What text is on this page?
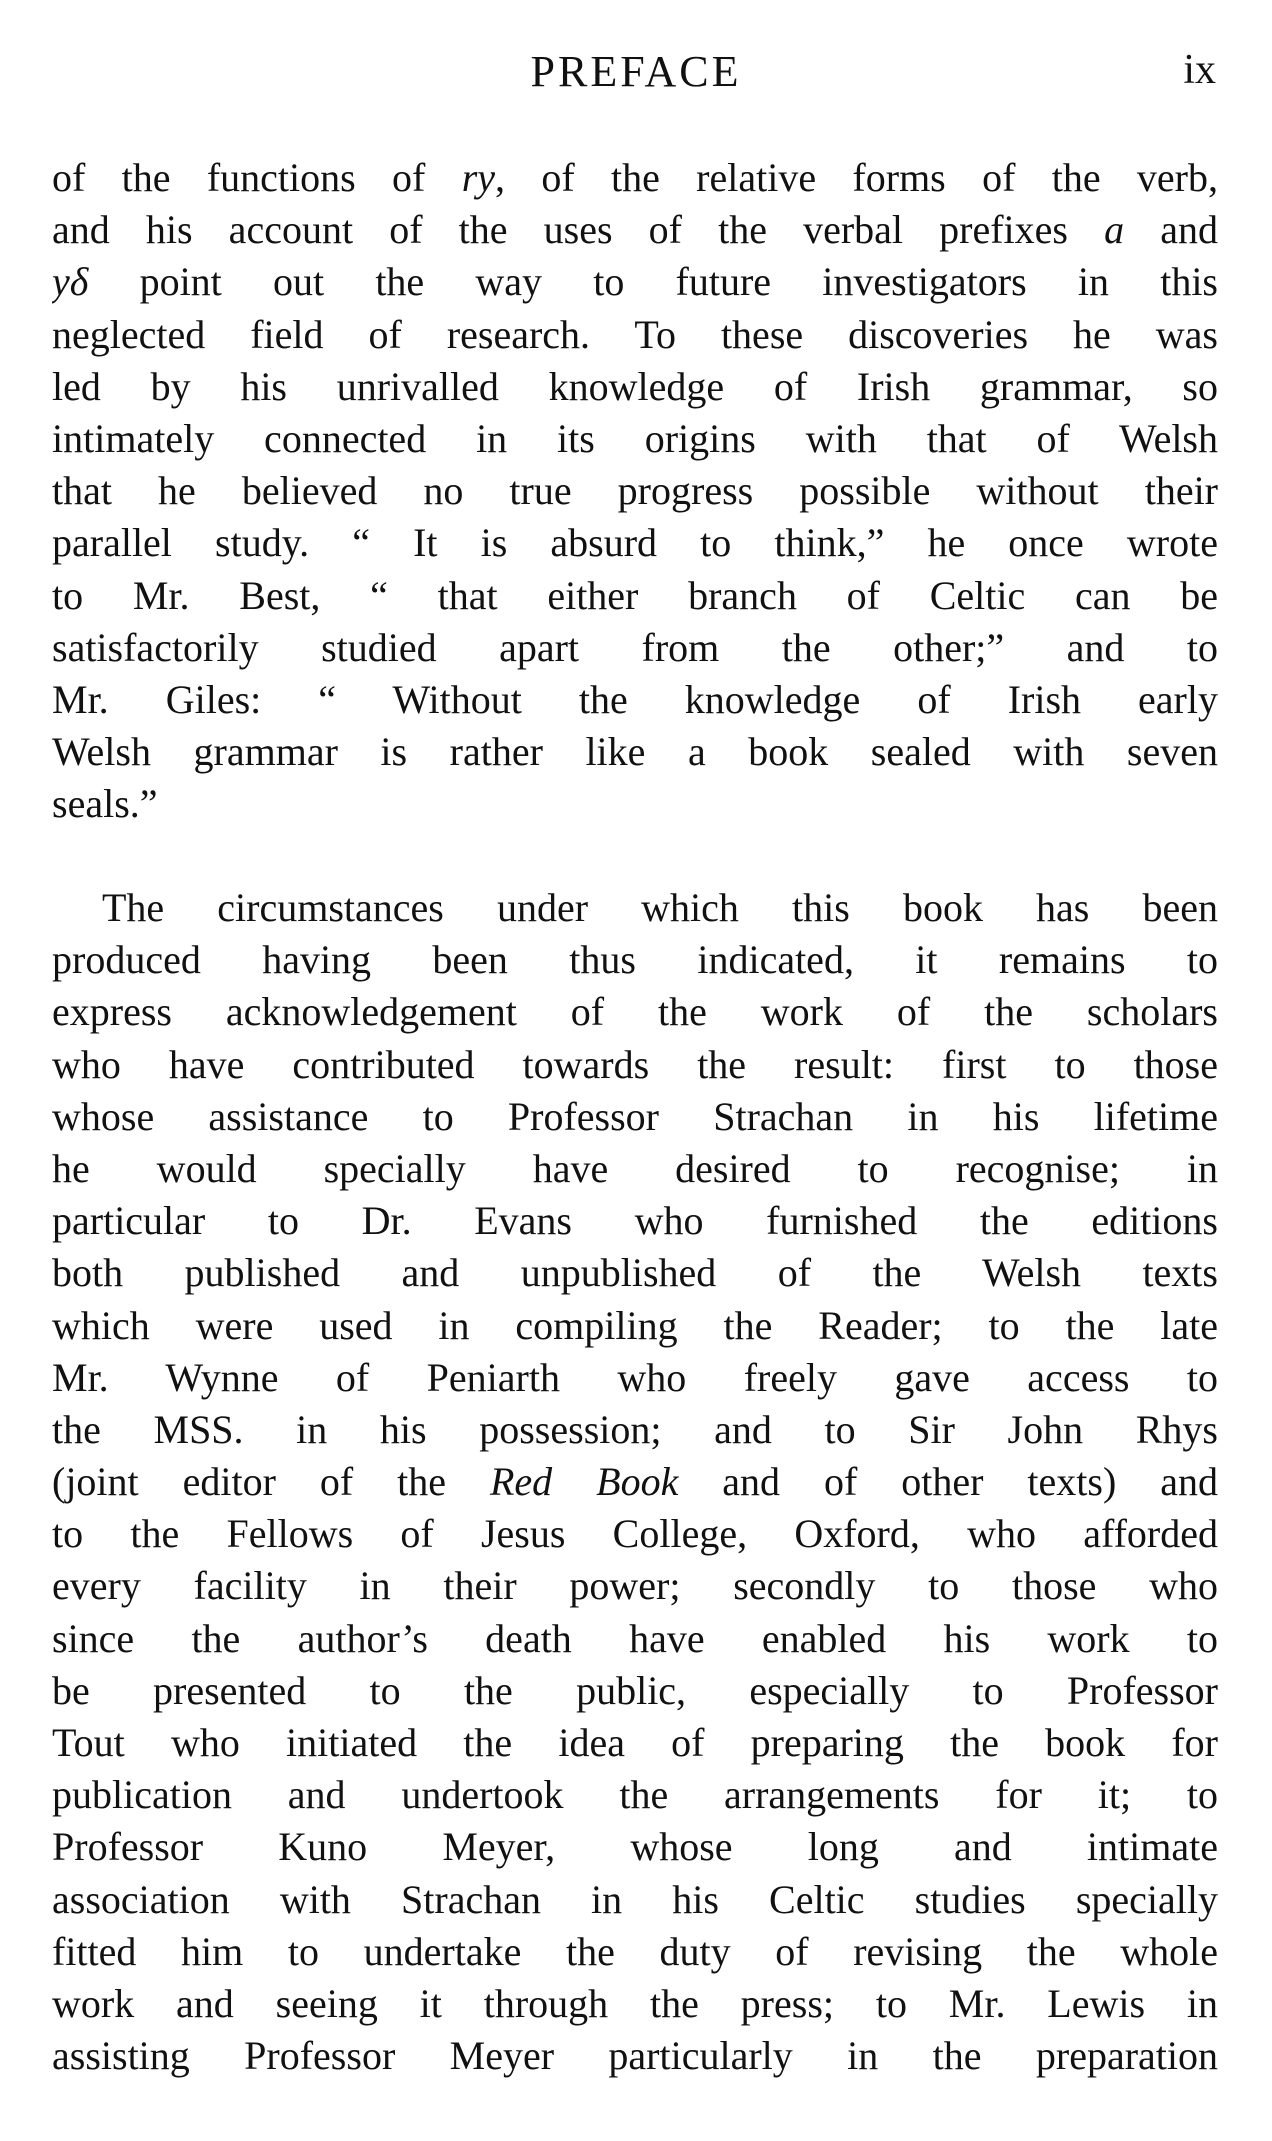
PREFACE	ix
of the functions of ry, of the relative forms of the verb,
and his account of the uses of the verbal prefixes a and
yδ point out the way to future investigators in this
neglected field of research. To these discoveries he was
led by his unrivalled knowledge of Irish grammar, so
intimately connected in its origins with that of Welsh
that he believed no true progress possible without their
parallel study. “ It is absurd to think,” he once wrote
to Mr. Best, “ that either branch of Celtic can be
satisfactorily studied apart from the other;” and to
Mr. Giles: “ Without the knowledge of Irish early
Welsh grammar is rather like a book sealed with seven
seals.”
The circumstances under which this book has been
produced having been thus indicated, it remains to
express acknowledgement of the work of the scholars
who have contributed towards the result: first to those
whose assistance to Professor Strachan in his lifetime
he would specially have desired to recognise; in
particular to Dr. Evans who furnished the editions
both published and unpublished of the Welsh texts
which were used in compiling the Reader; to the late
Mr. Wynne of Peniarth who freely gave access to
the MSS. in his possession; and to Sir John Rhys
(joint editor of the Red Book and of other texts) and
to the Fellows of Jesus College, Oxford, who afforded
every facility in their power; secondly to those who
since the author’s death have enabled his work to
be presented to the public, especially to Professor
Tout who initiated the idea of preparing the book for
publication and undertook the arrangements for it; to
Professor Kuno Meyer, whose long and intimate
association with Strachan in his Celtic studies specially
fitted him to undertake the duty of revising the whole
work and seeing it through the press; to Mr. Lewis in
assisting Professor Meyer particularly in the preparation
